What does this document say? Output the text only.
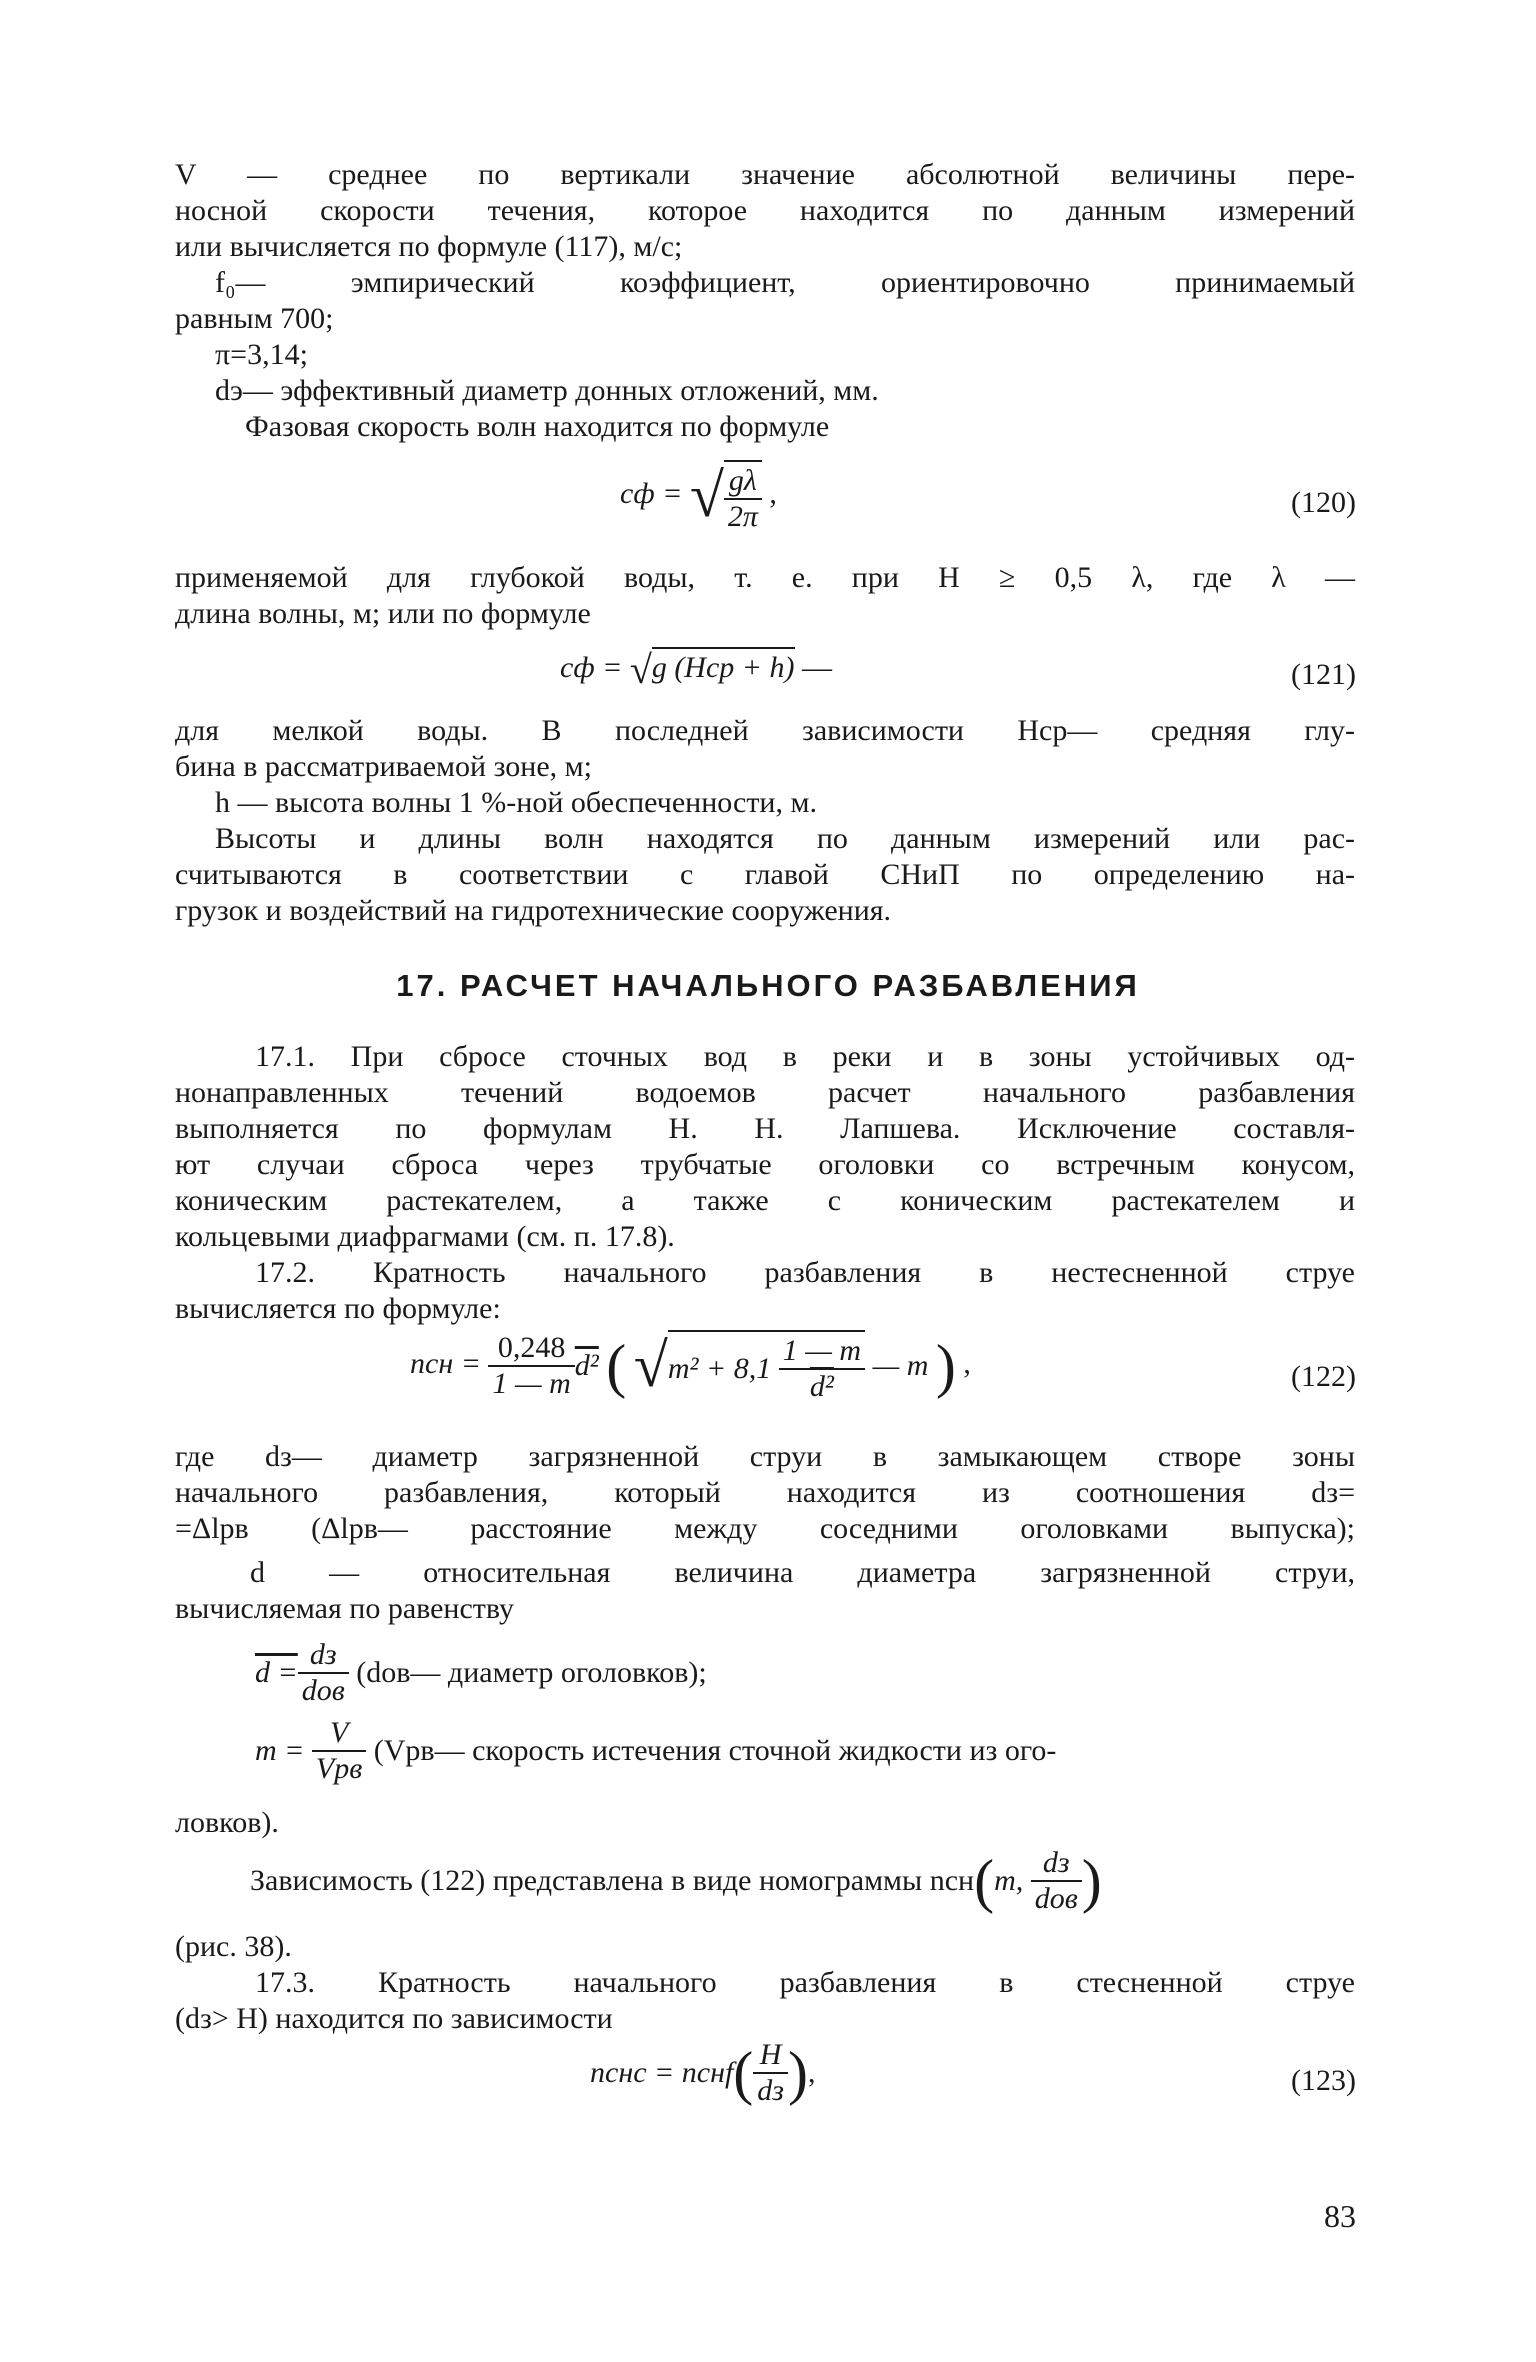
V — среднее по вертикали значение абсолютной величины пере-
носной скорости течения, которое находится по данным измерений
или вычисляется по формуле (117), м/с;
f₀— эмпирический коэффициент, ориентировочно принимаемый
равным 700;
π=3,14;
dэ— эффективный диаметр донных отложений, мм.
Фазовая скорость волн находится по формуле
cф = √ $\frac{g\lambda}{2\pi}$ ,	(120)
применяемой для глубокой воды, т. е. при H ≥ 0,5 λ, где λ —
длина волны, м; или по формуле
cф = √g (Hср + h) —	(121)
для мелкой воды. В последней зависимости Hср— средняя глу-
бина в рассматриваемой зоне, м;
h — высота волны 1 %-ной обеспеченности, м.
Высоты и длины волн находятся по данным измерений или рас-
считываются в соответствии с главой СНиП по определению на-
грузок и воздействий на гидротехнические сооружения.
17. РАСЧЕТ НАЧАЛЬНОГО РАЗБАВЛЕНИЯ
17.1. При сбросе сточных вод в реки и в зоны устойчивых од-
нонаправленных течений водоемов расчет начального разбавления
выполняется по формулам Н. Н. Лапшева. Исключение составля-
ют случаи сброса через трубчатые оголовки со встречным конусом,
коническим растекателем, а также с коническим растекателем и
кольцевыми диафрагмами (см. п. 17.8).
17.2. Кратность начального разбавления в нестесненной струе
вычисляется по формуле:
nсн = $\frac{0,248}{1 — m} d^2$ ( $√m^2 + 8,1 \frac{1 — m}{\text{d²}}$ — m ) ,	(122)
где dз— диаметр загрязненной струи в замыкающем створе зоны
начального разбавления, который находится из соотношения dз=
=Δlрв (Δlрв— расстояние между соседними оголовками выпуска);
d — относительная величина диаметра загрязненной струи,
вычисляемая по равенству
$d = \frac{dз}{\text{dов}}$ (dов— диаметр оголовков);
$m = \frac{V}{\text{Vрв}}$ (Vрв— скорость истечения сточной жидкости из ого-
ловков).
Зависимость (122) представлена в виде номограммы nсн(m, $\frac{dз}{\text{dов}}$ )
(рис. 38).
17.3. Кратность начального разбавления в стесненной струе
(dз> H) находится по зависимости
nснс = nснf( $\frac{H}{dз}$ ),	(123)
83
